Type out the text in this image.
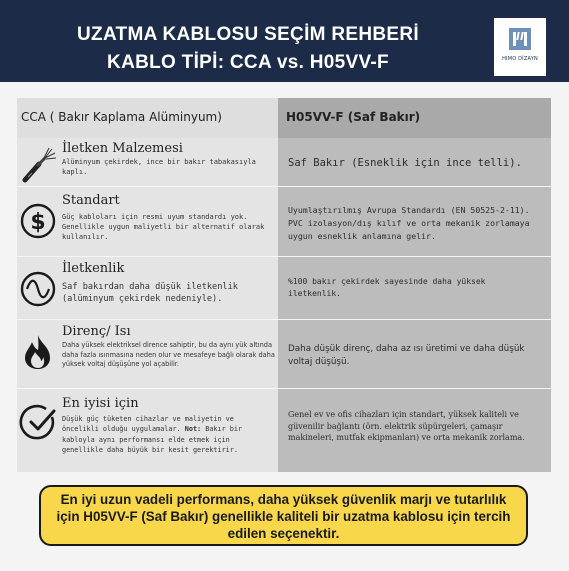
UZATMA KABLOSU SEÇİM REHBERİ
KABLO TİPİ: CCA vs. H05VV-F	HIMO DİZAYN
CCA ( Bakır Kaplama Alüminyum)	H05VV-F (Saf Bakır)
İletken Malzemesi
Alüminyum çekirdek, ince bir bakır tabakasıyla kaplı.
Saf Bakır (Esneklik için ince telli).
$
Standart
Güç kabloları için resmi uyum standardı yok. Genellikle uygun maliyetli bir alternatif olarak kullanılır.
Uyumlaştırılmış Avrupa Standardı (EN 50525-2-11). PVC izolasyon/dış kılıf ve orta mekanik zorlamaya uygun esneklik anlamına gelir.
İletkenlik
Saf bakırdan daha düşük iletkenlik (alüminyum çekirdek nedeniyle).
%100 bakır çekirdek sayesinde daha yüksek iletkenlik.
Direnç/ Isı
Daha yüksek elektriksel dirence sahiptir, bu da aynı yük altında daha fazla ısınmasına neden olur ve mesafeye bağlı olarak daha yüksek voltaj düşüşüne yol açabilir.
Daha düşük direnç, daha az ısı üretimi ve daha düşük voltaj düşüşü.
En iyisi için
Düşük güç tüketen cihazlar ve maliyetin ve öncelikli olduğu uygulamalar. Not: Bakır bir kabloyla aynı performansı elde etmek için genellikle daha büyük bir kesit gerektirir.
Genel ev ve ofis cihazları için standart, yüksek kaliteli ve güvenilir bağlantı (örn. elektrik süpürgeleri, çamaşır makineleri, mutfak ekipmanları) ve orta mekanik zorlama.
En iyi uzun vadeli performans, daha yüksek güvenlik marjı ve tutarlılık için H05VV-F (Saf Bakır) genellikle kaliteli bir uzatma kablosu için tercih edilen seçenektir.
